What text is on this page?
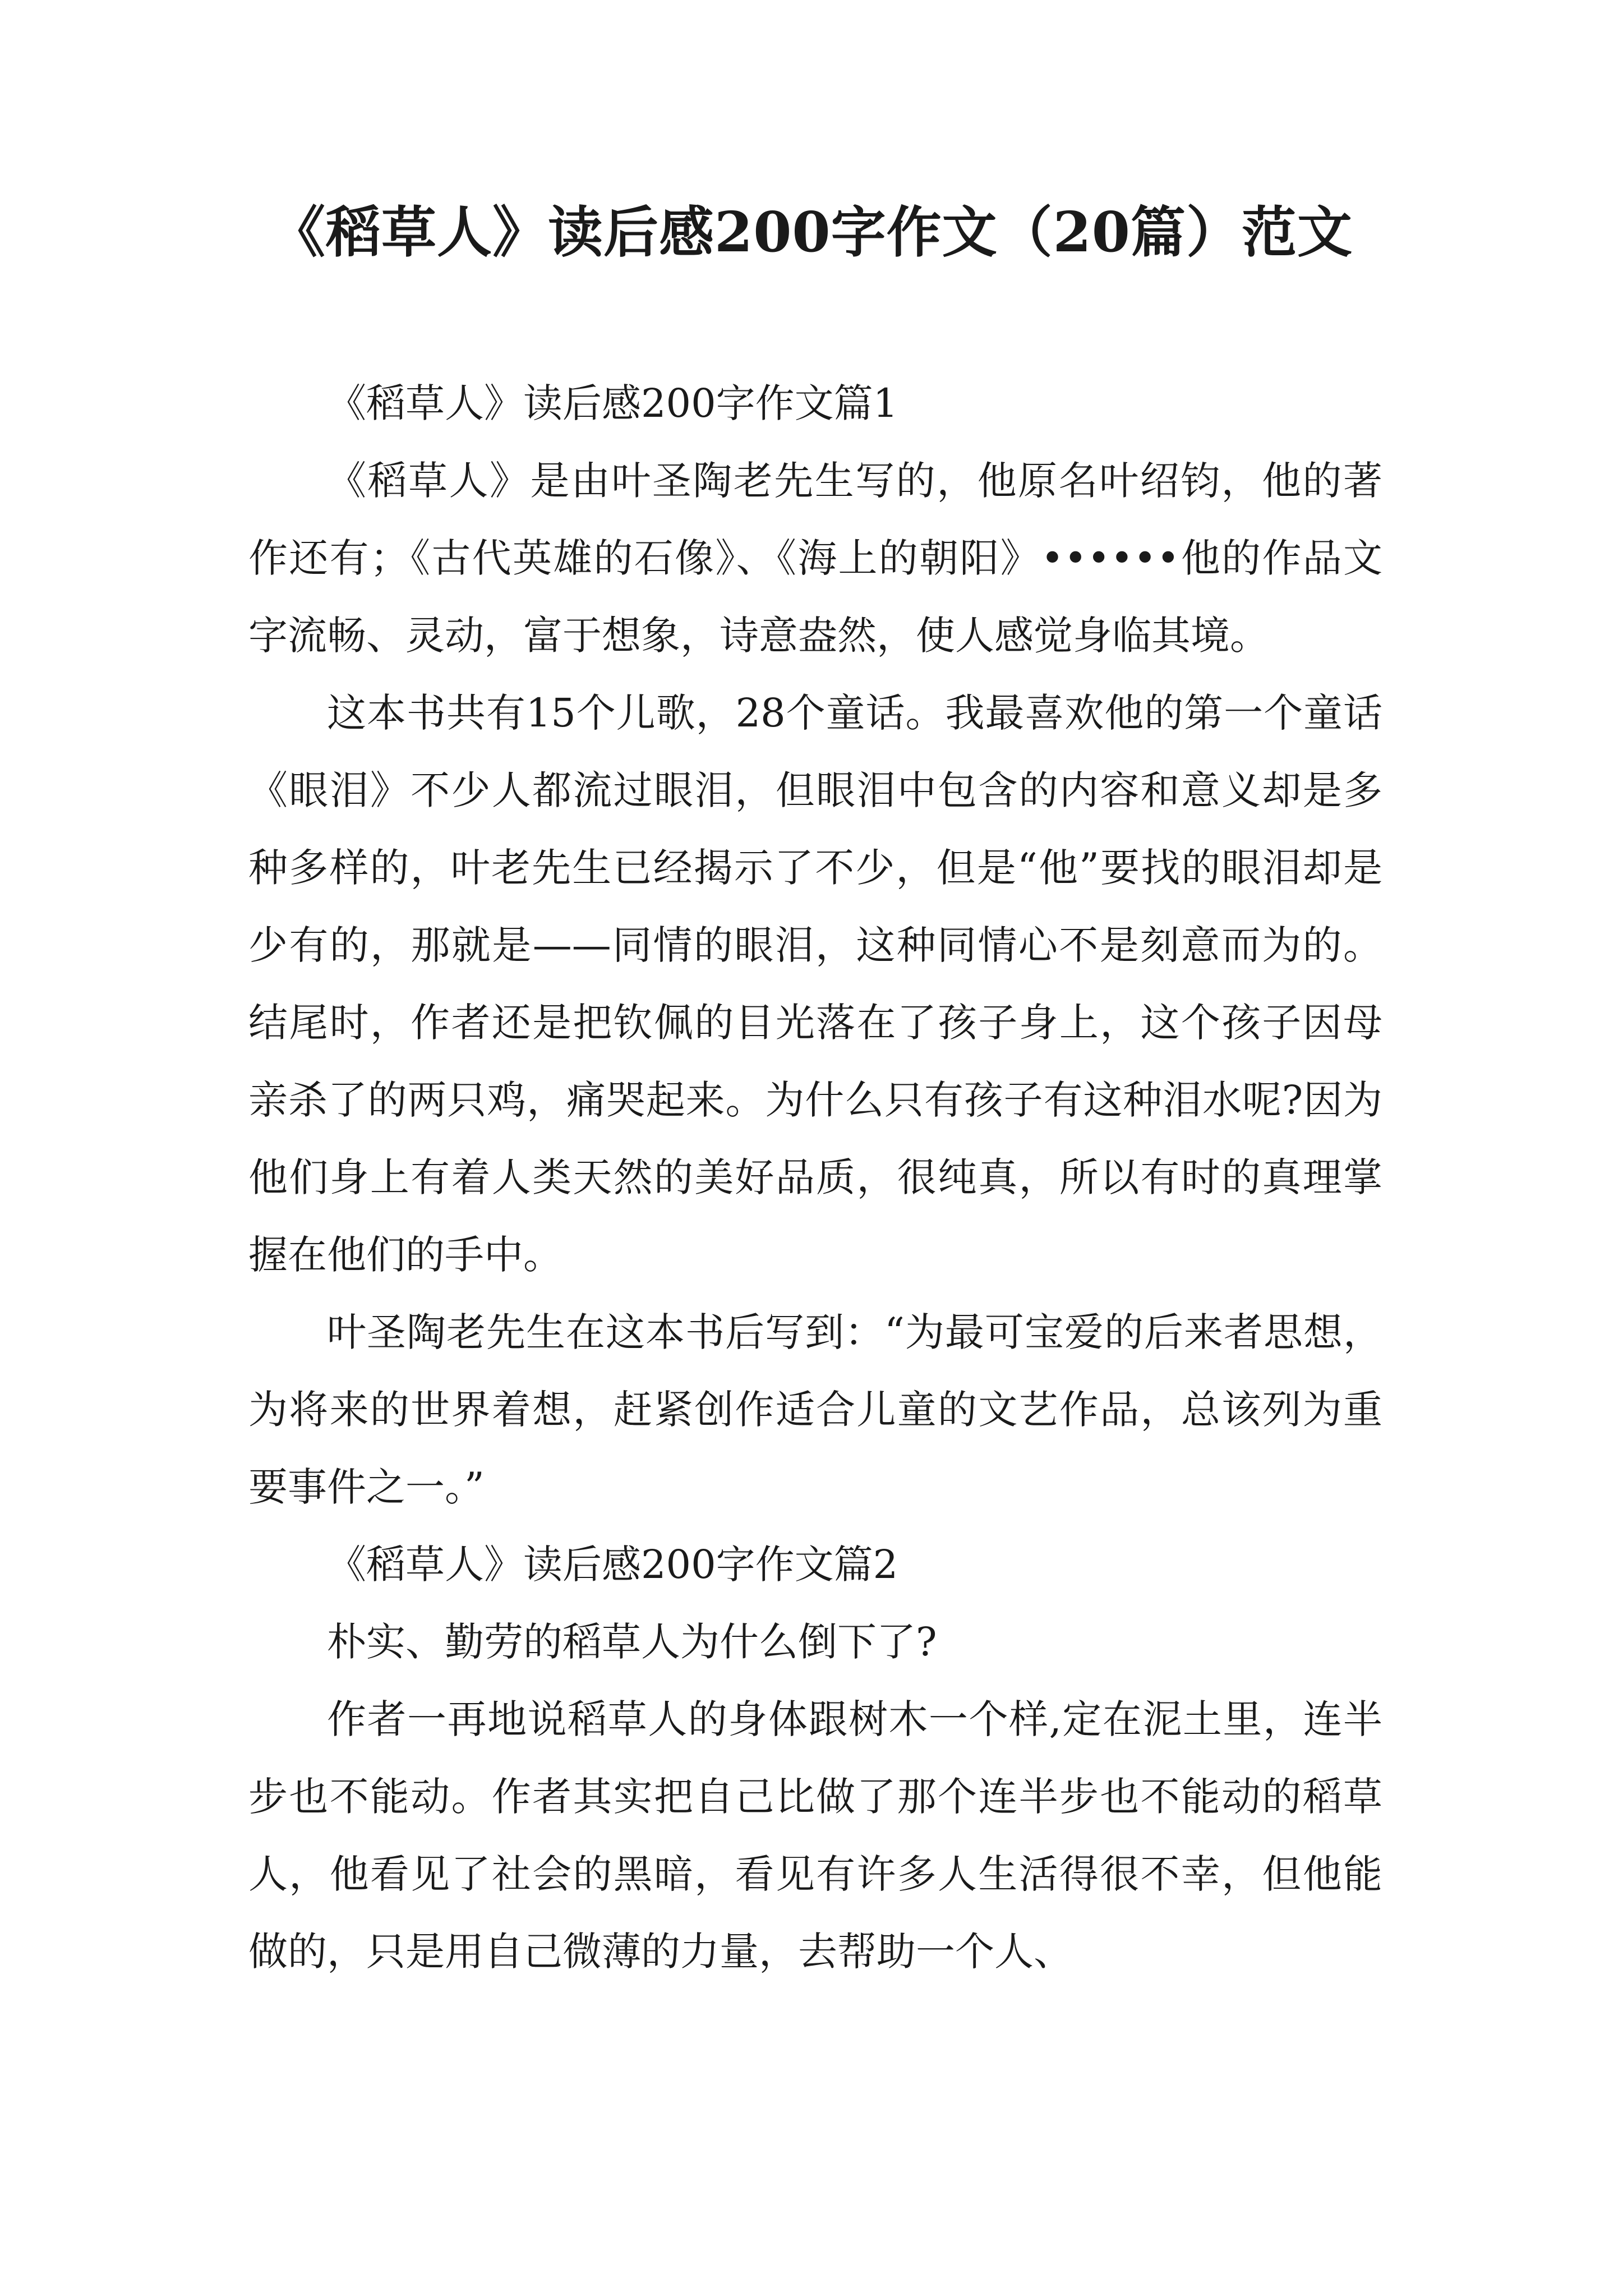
《稻草人》读后感200字作文（20篇）范文

《稻草人》读后感200字作文篇1

《稻草人》是由叶圣陶老先生写的，他原名叶绍钧，他的著作还有；《古代英雄的石像》、《海上的朝阳》••••••他的作品文字流畅、灵动，富于想象，诗意盎然，使人感觉身临其境。

这本书共有15个儿歌，28个童话。我最喜欢他的第一个童话《眼泪》不少人都流过眼泪，但眼泪中包含的内容和意义却是多种多样的，叶老先生已经揭示了不少，但是“他”要找的眼泪却是少有的，那就是——同情的眼泪，这种同情心不是刻意而为的。结尾时，作者还是把钦佩的目光落在了孩子身上，这个孩子因母亲杀了的两只鸡，痛哭起来。为什么只有孩子有这种泪水呢?因为他们身上有着人类天然的美好品质，很纯真，所以有时的真理掌握在他们的手中。

叶圣陶老先生在这本书后写到：“为最可宝爱的后来者思想，为将来的世界着想，赶紧创作适合儿童的文艺作品，总该列为重要事件之一。”

《稻草人》读后感200字作文篇2

朴实、勤劳的稻草人为什么倒下了?

作者一再地说稻草人的身体跟树木一个样,定在泥土里，连半步也不能动。作者其实把自己比做了那个连半步也不能动的稻草人，他看见了社会的黑暗，看见有许多人生活得很不幸，但他能做的，只是用自己微薄的力量，去帮助一个人、
